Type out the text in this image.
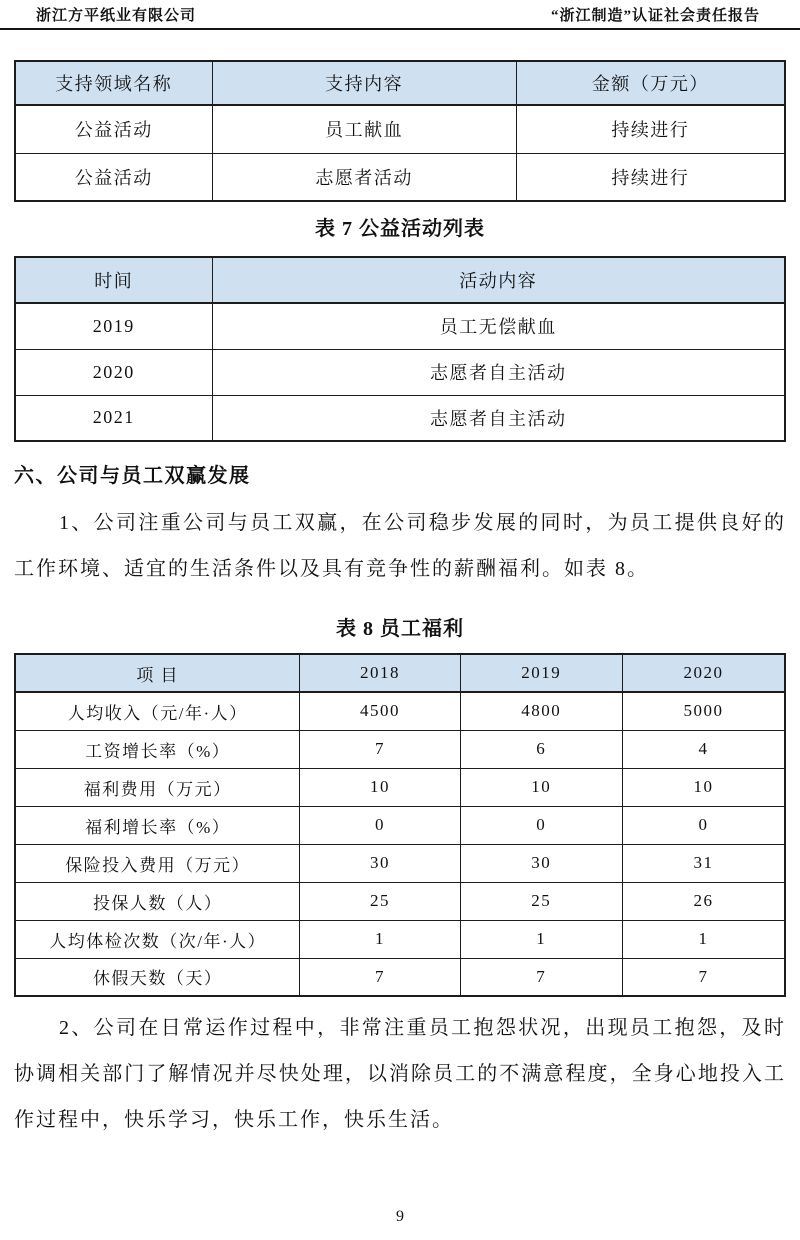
浙江方平纸业有限公司	“浙江制造”认证社会责任报告
支持领域名称	支持内容	金额（万元）
公益活动	员工献血	持续进行
公益活动	志愿者活动	持续进行
表 7 公益活动列表
时间	活动内容
2019	员工无偿献血
2020	志愿者自主活动
2021	志愿者自主活动
六、公司与员工双赢发展

1、公司注重公司与员工双赢，在公司稳步发展的同时，为员工提供良好的工作环境、适宜的生活条件以及具有竞争性的薪酬福利。如表 8。

表 8 员工福利
项 目	2018	2019	2020
人均收入（元/年·人）	4500	4800	5000
工资增长率（%）	7	6	4
福利费用（万元）	10	10	10
福利增长率（%）	0	0	0
保险投入费用（万元）	30	30	31
投保人数（人）	25	25	26
人均体检次数（次/年·人）	1	1	1
休假天数（天）	7	7	7

2、公司在日常运作过程中，非常注重员工抱怨状况，出现员工抱怨，及时协调相关部门了解情况并尽快处理，以消除员工的不满意程度，全身心地投入工作过程中，快乐学习，快乐工作，快乐生活。

9
